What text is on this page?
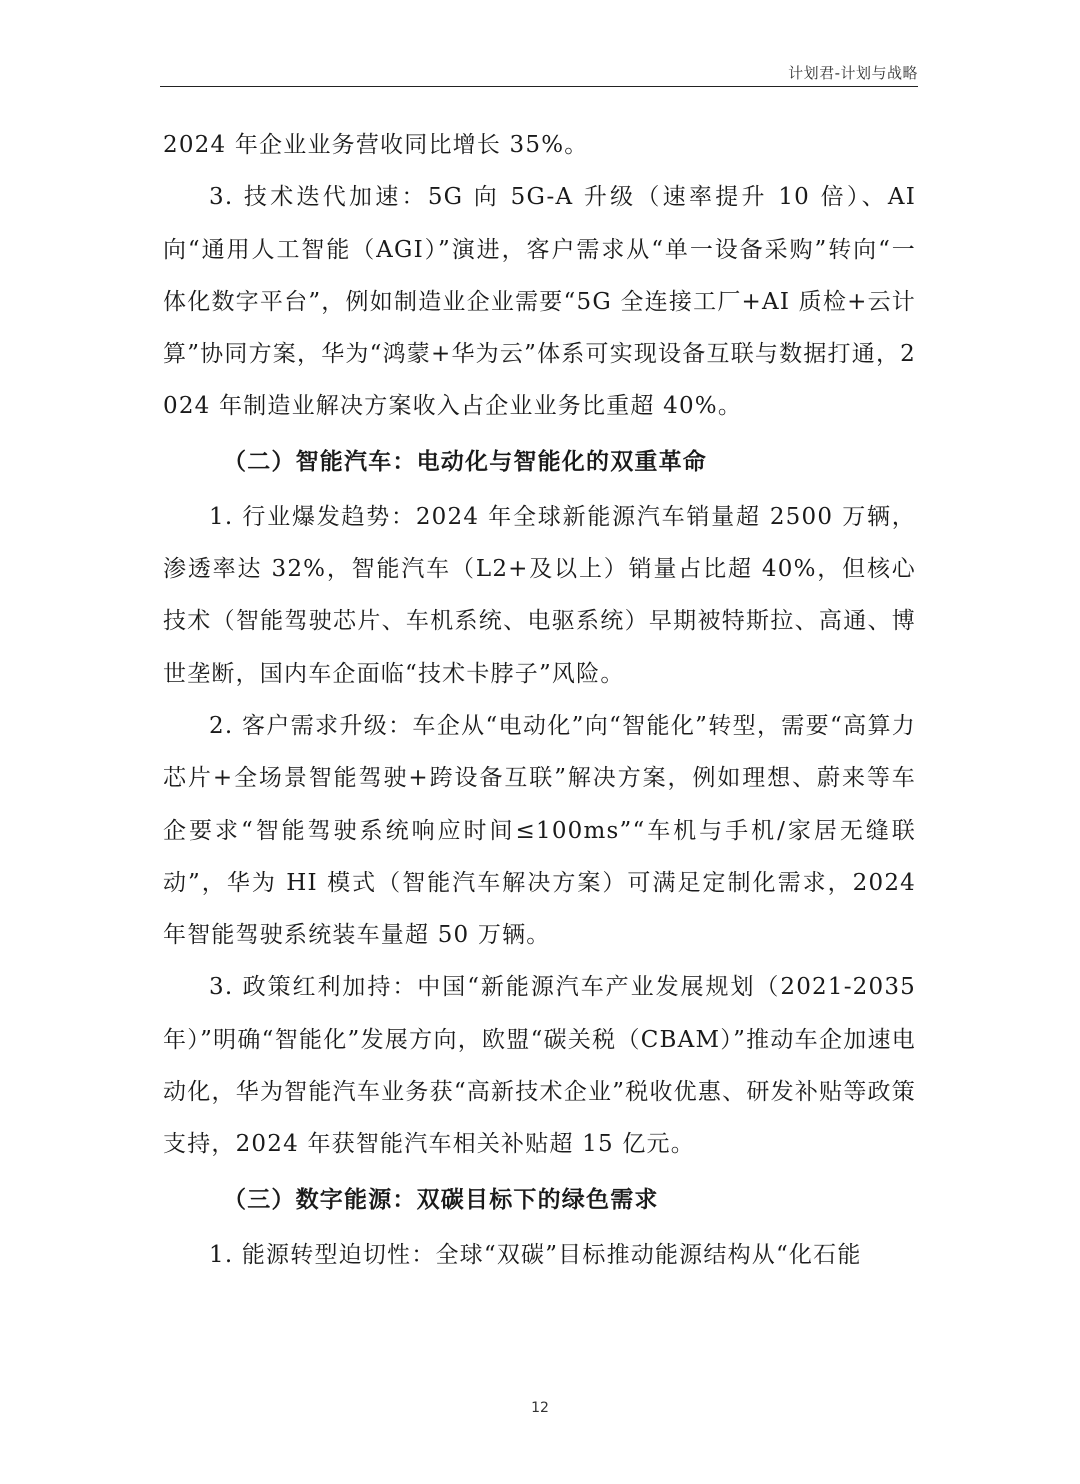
计划君-计划与战略

2024 年企业业务营收同比增长 35%。

3. 技术迭代加速：5G 向 5G-A 升级（速率提升 10 倍）、AI 向“通用人工智能（AGI）”演进，客户需求从“单一设备采购”转向“一体化数字平台”，例如制造业企业需要“5G 全连接工厂+AI 质检+云计算”协同方案，华为“鸿蒙+华为云”体系可实现设备互联与数据打通，2024 年制造业解决方案收入占企业业务比重超 40%。

（二）智能汽车：电动化与智能化的双重革命

1. 行业爆发趋势：2024 年全球新能源汽车销量超 2500 万辆，渗透率达 32%，智能汽车（L2+及以上）销量占比超 40%，但核心技术（智能驾驶芯片、车机系统、电驱系统）早期被特斯拉、高通、博世垄断，国内车企面临“技术卡脖子”风险。

2. 客户需求升级：车企从“电动化”向“智能化”转型，需要“高算力芯片+全场景智能驾驶+跨设备互联”解决方案，例如理想、蔚来等车企要求“智能驾驶系统响应时间≤100ms”“车机与手机/家居无缝联动”，华为 HI 模式（智能汽车解决方案）可满足定制化需求，2024 年智能驾驶系统装车量超 50 万辆。

3. 政策红利加持：中国“新能源汽车产业发展规划（2021-2035年）”明确“智能化”发展方向，欧盟“碳关税（CBAM）”推动车企加速电动化，华为智能汽车业务获“高新技术企业”税收优惠、研发补贴等政策支持，2024 年获智能汽车相关补贴超 15 亿元。

（三）数字能源：双碳目标下的绿色需求

1. 能源转型迫切性：全球“双碳”目标推动能源结构从“化石能

12
